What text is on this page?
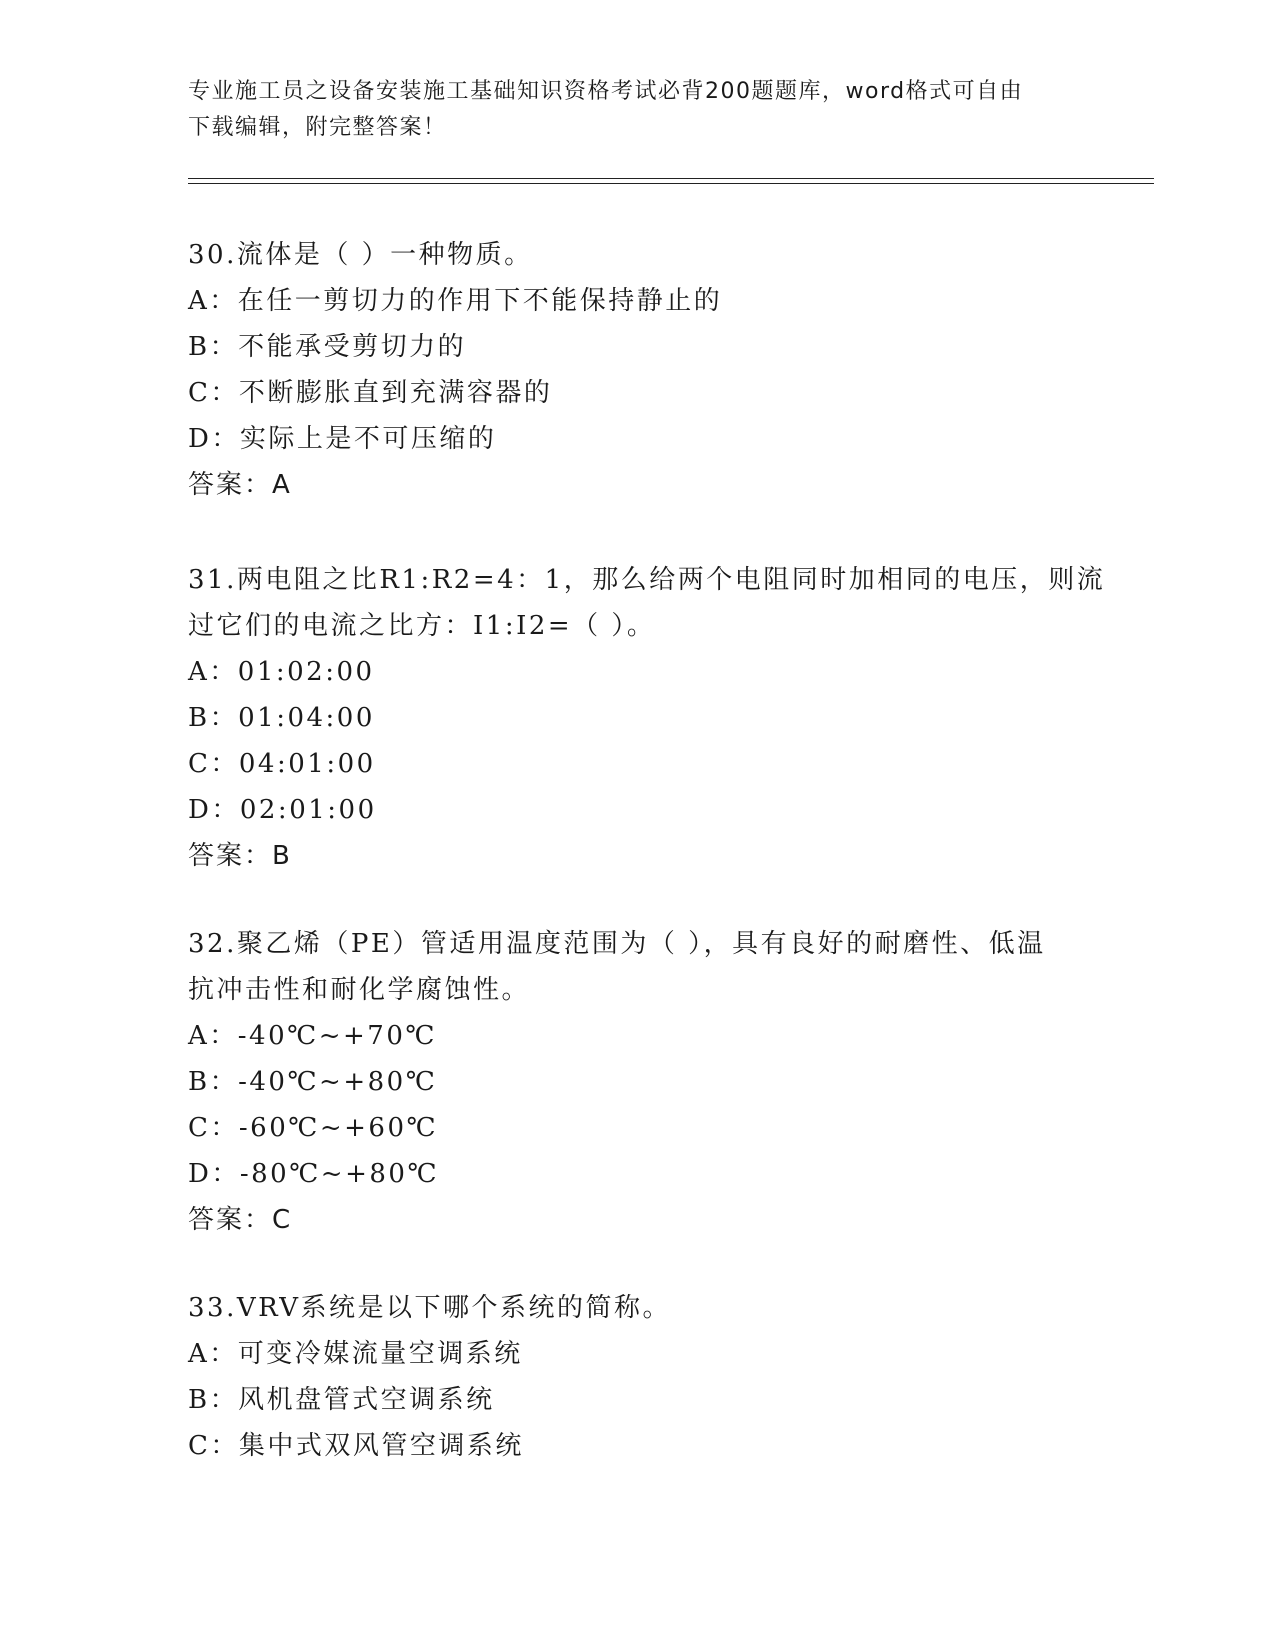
专业施工员之设备安装施工基础知识资格考试必背200题题库，word格式可自由
下载编辑，附完整答案！
30.流体是（ ）一种物质。
A：在任一剪切力的作用下不能保持静止的
B：不能承受剪切力的
C：不断膨胀直到充满容器的
D：实际上是不可压缩的
答案：A
31.两电阻之比R1:R2=4：1，那么给两个电阻同时加相同的电压，则流
过它们的电流之比方：I1:I2=（ ）。
A：01:02:00
B：01:04:00
C：04:01:00
D：02:01:00
答案：B
32.聚乙烯（PE）管适用温度范围为（ ），具有良好的耐磨性、低温
抗冲击性和耐化学腐蚀性。
A：-40℃~+70℃
B：-40℃~+80℃
C：-60℃~+60℃
D：-80℃~+80℃
答案：C
33.VRV系统是以下哪个系统的简称。
A：可变冷媒流量空调系统
B：风机盘管式空调系统
C：集中式双风管空调系统
